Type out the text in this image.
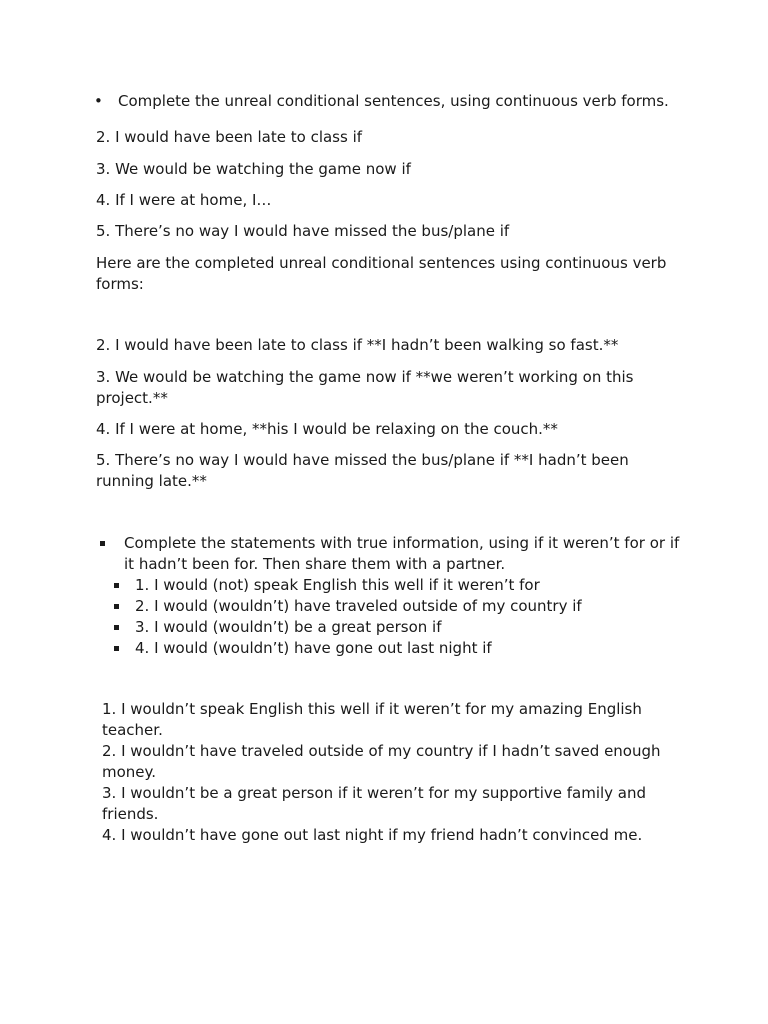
• Complete the unreal conditional sentences, using continuous verb forms.

2. I would have been late to class if

3. We would be watching the game now if

4. If I were at home, I…

5. There’s no way I would have missed the bus/plane if

Here are the completed unreal conditional sentences using continuous verb forms:

2. I would have been late to class if **I hadn’t been walking so fast.**

3. We would be watching the game now if **we weren’t working on this project.**

4. If I were at home, **his I would be relaxing on the couch.**

5. There’s no way I would have missed the bus/plane if **I hadn’t been running late.**

Complete the statements with true information, using if it weren’t for or if it hadn’t been for. Then share them with a partner.
1. I would (not) speak English this well if it weren’t for
2. I would (wouldn’t) have traveled outside of my country if
3. I would (wouldn’t) be a great person if
4. I would (wouldn’t) have gone out last night if
1. I wouldn’t speak English this well if it weren’t for my amazing English teacher.
2. I wouldn’t have traveled outside of my country if I hadn’t saved enough money.
3. I wouldn’t be a great person if it weren’t for my supportive family and friends.
4. I wouldn’t have gone out last night if my friend hadn’t convinced me.
